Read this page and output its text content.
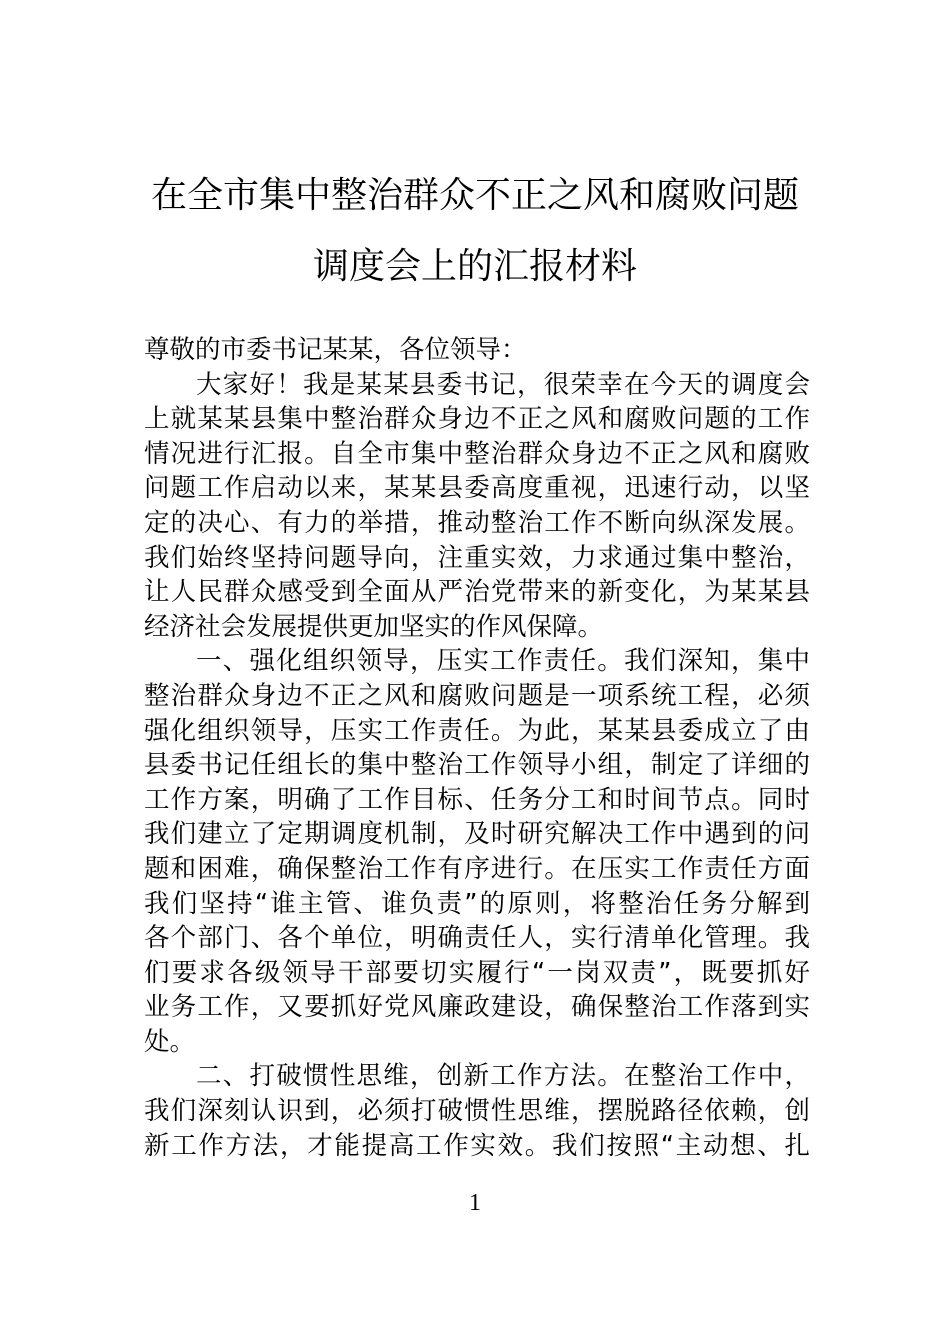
在全市集中整治群众不正之风和腐败问题
调度会上的汇报材料
尊敬的市委书记某某，各位领导：
大家好！我是某某县委书记，很荣幸在今天的调度会
上就某某县集中整治群众身边不正之风和腐败问题的工作
情况进行汇报。自全市集中整治群众身边不正之风和腐败
问题工作启动以来，某某县委高度重视，迅速行动，以坚
定的决心、有力的举措，推动整治工作不断向纵深发展。
我们始终坚持问题导向，注重实效，力求通过集中整治，
让人民群众感受到全面从严治党带来的新变化，为某某县
经济社会发展提供更加坚实的作风保障。
一、强化组织领导，压实工作责任。我们深知，集中
整治群众身边不正之风和腐败问题是一项系统工程，必须
强化组织领导，压实工作责任。为此，某某县委成立了由
县委书记任组长的集中整治工作领导小组，制定了详细的
工作方案，明确了工作目标、任务分工和时间节点。同时
我们建立了定期调度机制，及时研究解决工作中遇到的问
题和困难，确保整治工作有序进行。在压实工作责任方面
我们坚持“谁主管、谁负责”的原则，将整治任务分解到
各个部门、各个单位，明确责任人，实行清单化管理。我
们要求各级领导干部要切实履行“一岗双责”，既要抓好
业务工作，又要抓好党风廉政建设，确保整治工作落到实
处。
二、打破惯性思维，创新工作方法。在整治工作中，
我们深刻认识到，必须打破惯性思维，摆脱路径依赖，创
新工作方法，才能提高工作实效。我们按照“主动想、扎
1
